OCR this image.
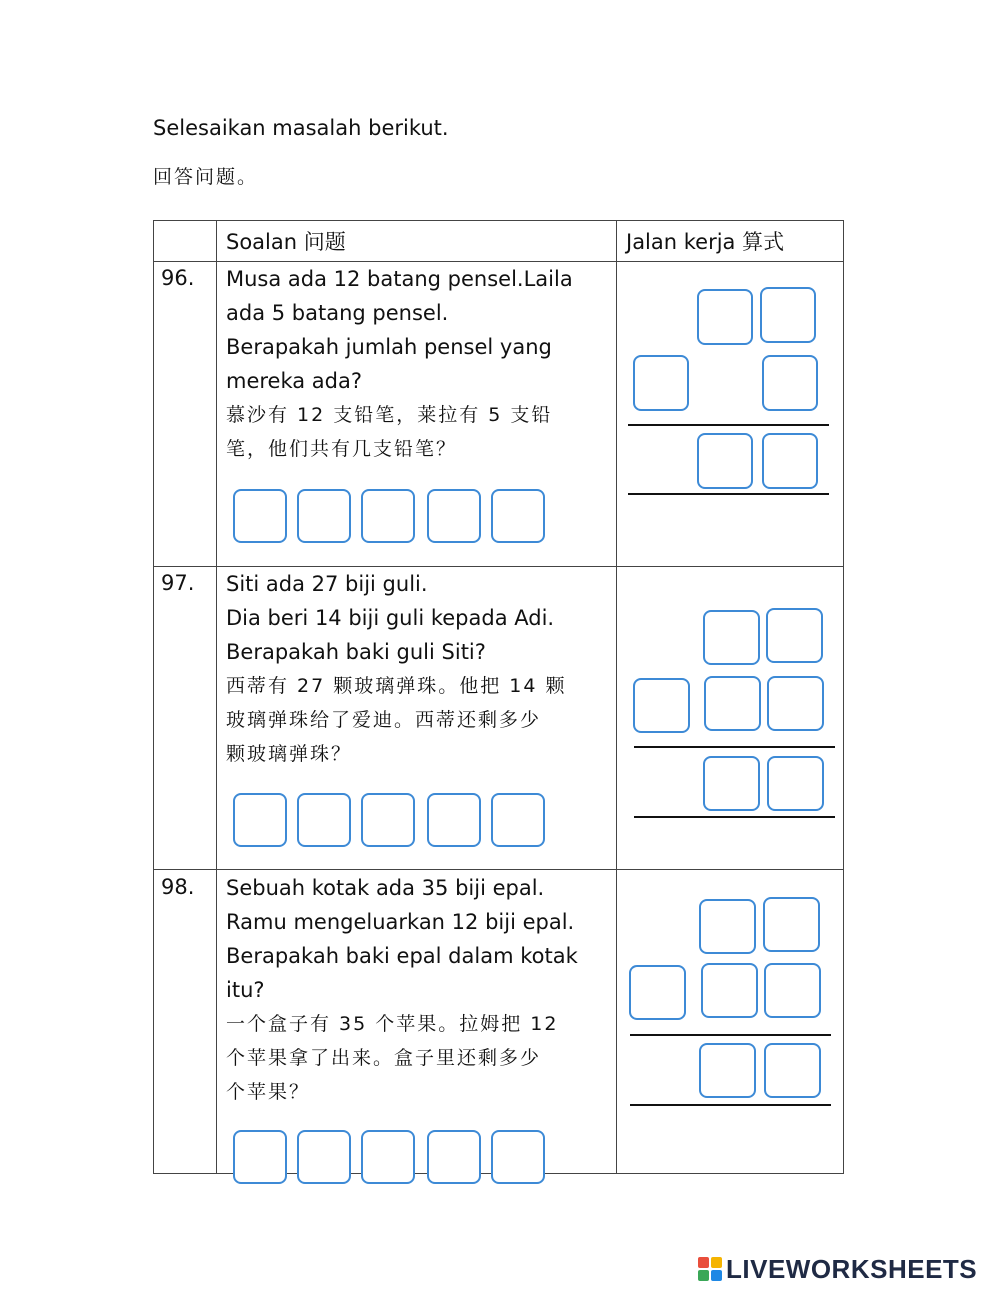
Selesaikan masalah berikut.
回答问题。
Soalan 问题	Jalan kerja 算式
96. Musa ada 12 batang pensel.Laila
ada 5 batang pensel.
Berapakah jumlah pensel yang
mereka ada?
慕沙有 12 支铅笔，莱拉有 5 支铅
笔，他们共有几支铅笔？
97. Siti ada 27 biji guli.
Dia beri 14 biji guli kepada Adi.
Berapakah baki guli Siti?
西蒂有 27 颗玻璃弹珠。他把 14 颗
玻璃弹珠给了爱迪。西蒂还剩多少
颗玻璃弹珠？
98. Sebuah kotak ada 35 biji epal.
Ramu mengeluarkan 12 biji epal.
Berapakah baki epal dalam kotak
itu?
一个盒子有 35 个苹果。拉姆把 12
个苹果拿了出来。盒子里还剩多少
个苹果？
LIVEWORKSHEETS
